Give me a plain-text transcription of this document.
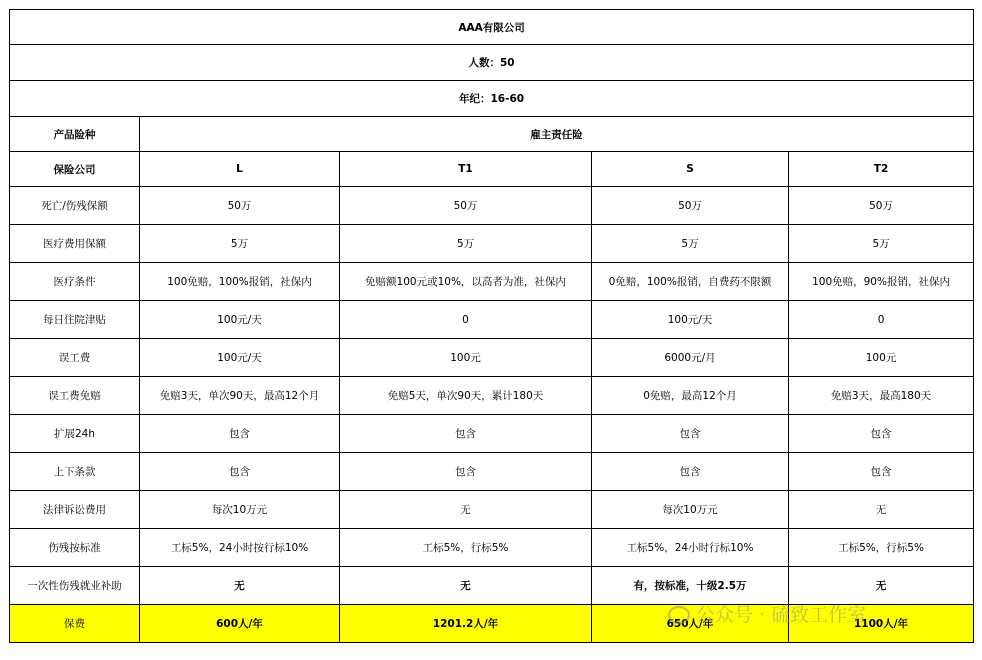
AAA有限公司				
人数：50				
年纪：16-60				
产品险种	雇主责任险			
保险公司	L	T1	S	T2
死亡/伤残保额	50万	50万	50万	50万
医疗费用保额	5万	5万	5万	5万
医疗条件	100免赔，100%报销，社保内	免赔额100元或10%，以高者为准，社保内	0免赔，100%报销，自费药不限额	100免赔，90%报销，社保内
每日住院津贴	100元/天	0	100元/天	0
误工费	100元/天	100元	6000元/月	100元
误工费免赔	免赔3天，单次90天，最高12个月	免赔5天，单次90天，累计180天	0免赔，最高12个月	免赔3天，最高180天
扩展24h	包含	包含	包含	包含
上下条款	包含	包含	包含	包含
法律诉讼费用	每次10万元	无	每次10万元	无
伤残按标准	工标5%，24小时按行标10%	工标5%，行标5%	工标5%，24小时行标10%	工标5%，行标5%
一次性伤残就业补助	无	无	有，按标准，十级2.5万	无
保费	600人/年	1201.2人/年	650人/年	1100人/年
公众号 · 硫致工作室
